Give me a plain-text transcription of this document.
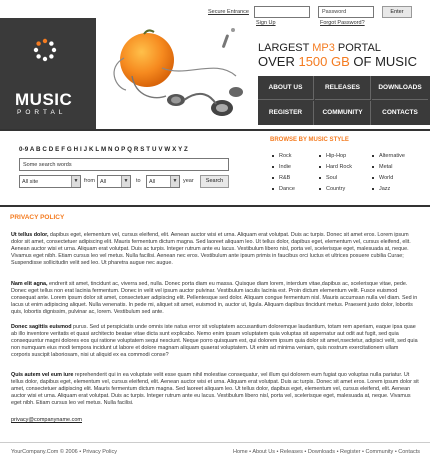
Secure Entrance	Password	Enter
Sign Up	Forgot Password?
MUSIC
PORTAL
LARGEST MP3 PORTAL
OVER 1500 GB OF MUSIC
ABOUT US	RELEASES	DOWNLOADS
REGISTER	COMMUNITY	CONTACTS
BROWSE BY MUSIC STYLE
Rock	Hip-Hop	Alternative
Indie	Hard Rock	Metal
R&B	Soul	World
Dance	Country	Jazz
0-9 A B C D E F G H I J K L M N O P Q R S T U V W X Y Z
Some search words
All site	▼ from All	▼ to	All	▼ year	Search
PRIVACY POLICY
Ut tellus dolor, dapibus eget, elementum vel, cursus eleifend, elit. Aenean auctor wisi et urna. Aliquam erat volutpat. Duis ac turpis. Donec sit amet eros. Lorem ipsum dolor sit amet, consectetuer adipiscing elit. Mauris fermentum dictum magna. Sed laoreet aliquam leo. Ut tellus dolor, dapibus eget, elementum vel, cursus eleifend, elit. Aenean auctor wisi et urna. Aliquam erat volutpat. Duis ac turpis. Integer rutrum ante eu lacus. Vestibulum libero nisl, porta vel, scelerisque eget, malesuada at, neque. Vivamus eget nibh. Etiam cursus leo vel metus. Nulla facilisi. Aenean nec eros. Vestibulum ante ipsum primis in faucibus orci luctus et ultrices posuere cubilia Curae; Suspendisse sollicitudin velit sed leo. Ut pharetra augue nec augue.
Nam elit agna, endrerit sit amet, tincidunt ac, viverra sed, nulla. Donec porta diam eu massa. Quisque diam lorem, interdum vitae,dapibus ac, scelerisque vitae, pede. Donec eget tellus non erat lacinia fermentum. Donec in velit vel ipsum auctor pulvinar. Vestibulum iaculis lacinia est. Proin dictum elementum velit. Fusce euismod consequat ante. Lorem ipsum dolor sit amet, consectetuer adipiscing elit. Pellentesque sed dolor. Aliquam congue fermentum nisl. Mauris accumsan nulla vel diam. Sed in lacus ut enim adipiscing aliquet. Nulla venenatis. In pede mi, aliquet sit amet, euismod in, auctor ut, ligula. Aliquam dapibus tincidunt metus. Praesent justo dolor, lobortis quis, lobortis dignissim, pulvinar ac, lorem. Vestibulum sed ante.
Donec sagittis euismod purus. Sed ut perspiciatis unde omnis iste natus error sit voluptatem accusantium doloremque laudantium, totam rem aperiam, eaque ipsa quae ab illo inventore veritatis et quasi architecto beatae vitae dicta sunt explicabo. Nemo enim ipsam voluptatem quia voluptas sit aspernatur aut odit aut fugit, sed quia consequuntur magni dolores eos qui ratione voluptatem sequi nesciunt. Neque porro quisquam est, qui dolorem ipsum quia dolor sit amet,nsectetur, adipisci velit, sed quia non numquam eius modi tempora incidunt ut labore et dolore magnam aliquam quaerat voluptatem. Ut enim ad minima veniam, quis nostrum exercitationem ullam corporis suscipit laboriosam, nisi ut aliquid ex ea commodi conse?
Quis autem vel eum iure reprehenderit qui in ea voluptate velit esse quam nihil molestiae consequatur, vel illum qui dolorem eum fugiat quo voluptas nulla pariatur. Ut tellus dolor, dapibus eget, elementum vel, cursus eleifend, elit. Aenean auctor wisi et urna. Aliquam erat volutpat. Duis ac turpis. Donec sit amet eros. Lorem ipsum dolor sit amet, consectetuer adipiscing elit. Mauris fermentum dictum magna. Sed laoreet aliquam leo. Ut tellus dolor, dapibus eget, elementum vel, cursus eleifend, elit. Aenean auctor wisi et urna. Aliquam erat volutpat. Duis ac turpis. Integer rutrum ante eu lacus. Vestibulum libero nisl, porta vel, scelerisque eget, malesuada at, neque. Vivamus eget nibh. Etiam cursus leo vel metus. Nulla facilisi.
privacy@companyname.com
YourCompany.Com © 2006 • Privacy Policy	Home • About Us • Releases • Downloads • Register • Community • Contacts
